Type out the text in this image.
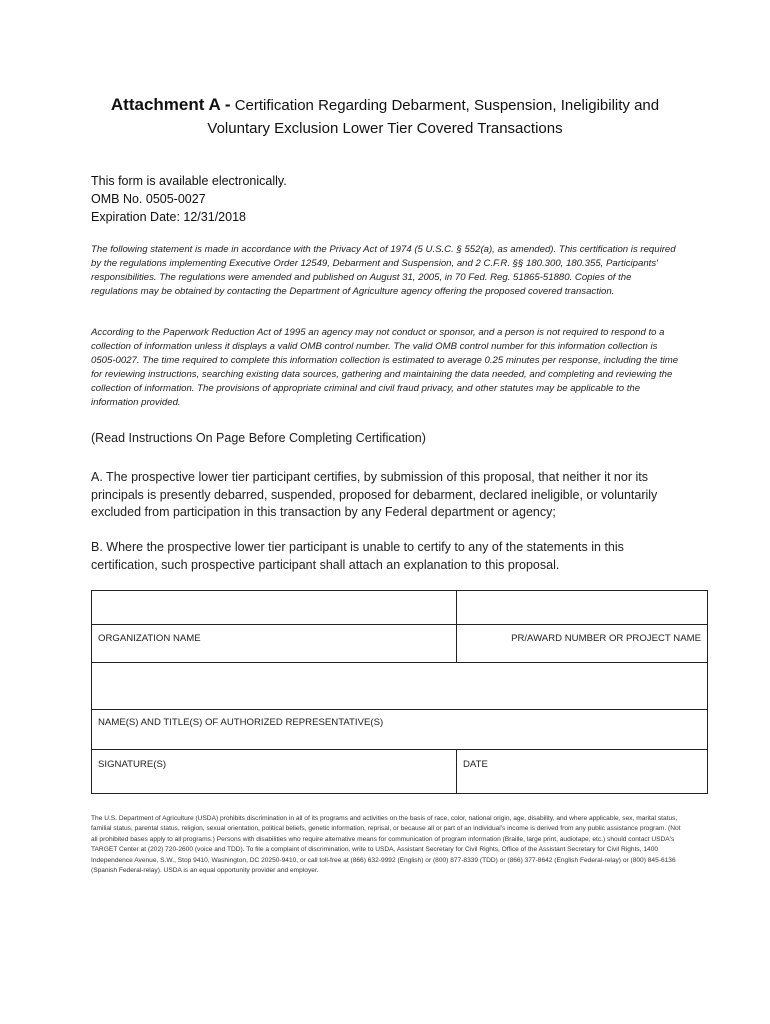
Attachment A - Certification Regarding Debarment, Suspension, Ineligibility and
Voluntary Exclusion Lower Tier Covered Transactions
This form is available electronically.
OMB No. 0505-0027
Expiration Date: 12/31/2018

The following statement is made in accordance with the Privacy Act of 1974 (5 U.S.C. § 552(a), as amended). This certification is required by the regulations implementing Executive Order 12549, Debarment and Suspension, and 2 C.F.R. §§ 180.300, 180.355, Participants' responsibilities. The regulations were amended and published on August 31, 2005, in 70 Fed. Reg. 51865-51880. Copies of the regulations may be obtained by contacting the Department of Agriculture agency offering the proposed covered transaction.

According to the Paperwork Reduction Act of 1995 an agency may not conduct or sponsor, and a person is not required to respond to a collection of information unless it displays a valid OMB control number. The valid OMB control number for this information collection is 0505-0027. The time required to complete this information collection is estimated to average 0.25 minutes per response, including the time for reviewing instructions, searching existing data sources, gathering and maintaining the data needed, and completing and reviewing the collection of information. The provisions of appropriate criminal and civil fraud privacy, and other statutes may be applicable to the information provided.

(Read Instructions On Page Before Completing Certification)

A. The prospective lower tier participant certifies, by submission of this proposal, that neither it nor its principals is presently debarred, suspended, proposed for debarment, declared ineligible, or voluntarily excluded from participation in this transaction by any Federal department or agency;

B. Where the prospective lower tier participant is unable to certify to any of the statements in this certification, such prospective participant shall attach an explanation to this proposal.

ORGANIZATION NAME	PR/AWARD NUMBER OR PROJECT NAME
NAME(S) AND TITLE(S) OF AUTHORIZED REPRESENTATIVE(S)
SIGNATURE(S)	DATE

The U.S. Department of Agriculture (USDA) prohibits discrimination in all of its programs and activities on the basis of race, color, national origin, age, disability, and where applicable, sex, marital status, familial status, parental status, religion, sexual orientation, political beliefs, genetic information, reprisal, or because all or part of an individual's income is derived from any public assistance program. (Not all prohibited bases apply to all programs.) Persons with disabilities who require alternative means for communication of program information (Braille, large print, audiotape, etc.) should contact USDA's TARGET Center at (202) 720-2600 (voice and TDD). To file a complaint of discrimination, write to USDA, Assistant Secretary for Civil Rights, Office of the Assistant Secretary for Civil Rights, 1400 Independence Avenue, S.W., Stop 9410, Washington, DC 20250-9410, or call toll-free at (866) 632-9992 (English) or (800) 877-8339 (TDD) or (866) 377-8642 (English Federal-relay) or (800) 845-6136 (Spanish Federal-relay). USDA is an equal opportunity provider and employer.
